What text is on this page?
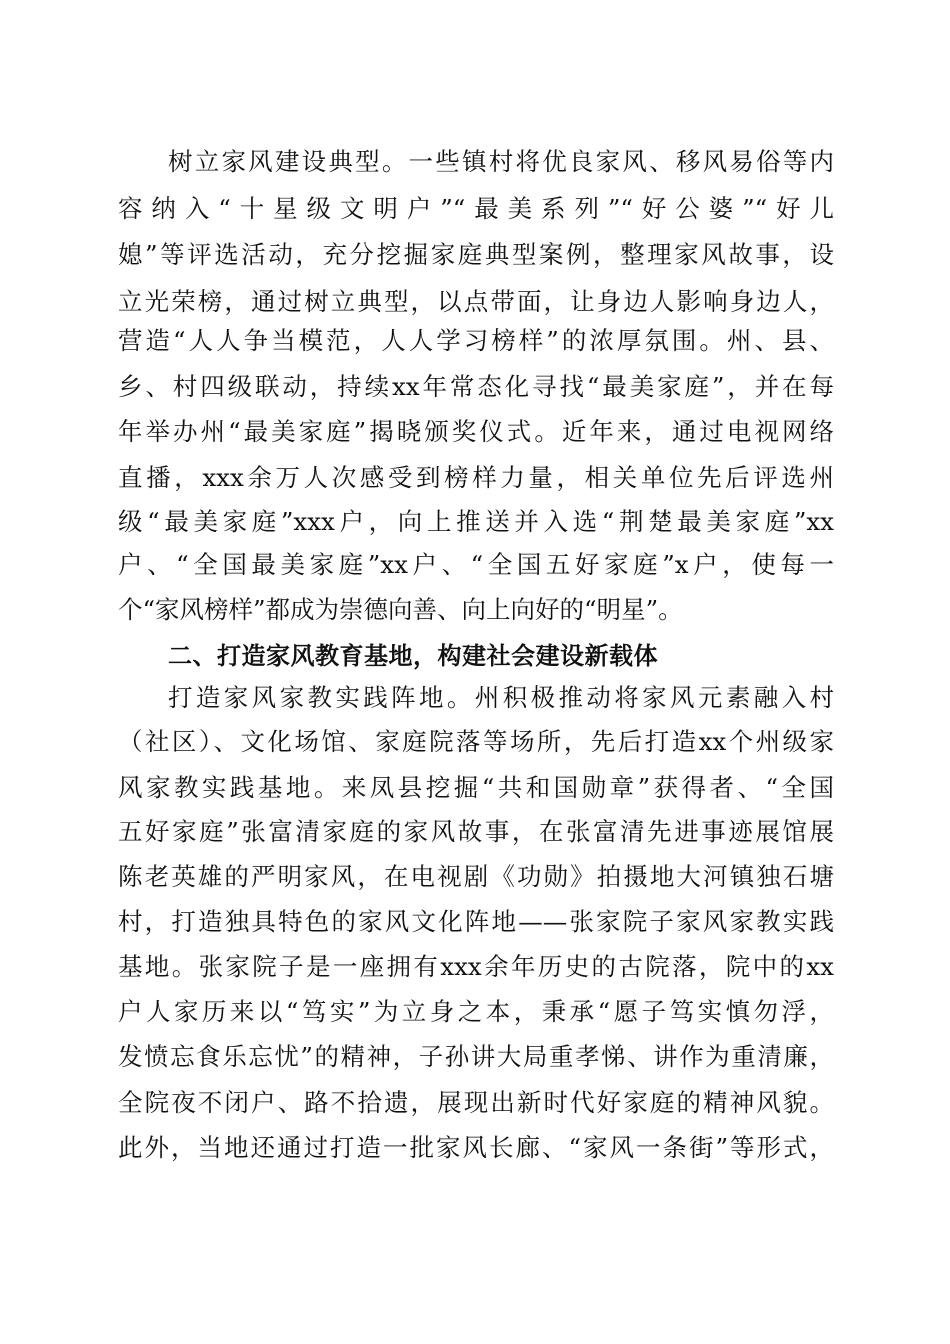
树立家风建设典型。一些镇村将优良家风、移风易俗等内
容纳入“十星级文明户”“最美系列”“好公婆”“好儿
媳”等评选活动，充分挖掘家庭典型案例，整理家风故事，设
立光荣榜，通过树立典型，以点带面，让身边人影响身边人，
营造“人人争当模范，人人学习榜样”的浓厚氛围。州、县、
乡、村四级联动，持续xx年常态化寻找“最美家庭”，并在每
年举办州“最美家庭”揭晓颁奖仪式。近年来，通过电视网络
直播，xxx余万人次感受到榜样力量，相关单位先后评选州
级“最美家庭”xxx户，向上推送并入选“荆楚最美家庭”xx
户、“全国最美家庭”xx户、“全国五好家庭”x户，使每一
个“家风榜样”都成为崇德向善、向上向好的“明星”。
二、打造家风教育基地，构建社会建设新载体
打造家风家教实践阵地。州积极推动将家风元素融入村
（社区）、文化场馆、家庭院落等场所，先后打造xx个州级家
风家教实践基地。来凤县挖掘“共和国勋章”获得者、“全国
五好家庭”张富清家庭的家风故事，在张富清先进事迹展馆展
陈老英雄的严明家风，在电视剧《功勋》拍摄地大河镇独石塘
村，打造独具特色的家风文化阵地——张家院子家风家教实践
基地。张家院子是一座拥有xxx余年历史的古院落，院中的xx
户人家历来以“笃实”为立身之本，秉承“愿子笃实慎勿浮，
发愤忘食乐忘忧”的精神，子孙讲大局重孝悌、讲作为重清廉，
全院夜不闭户、路不拾遗，展现出新时代好家庭的精神风貌。
此外，当地还通过打造一批家风长廊、“家风一条街”等形式，
